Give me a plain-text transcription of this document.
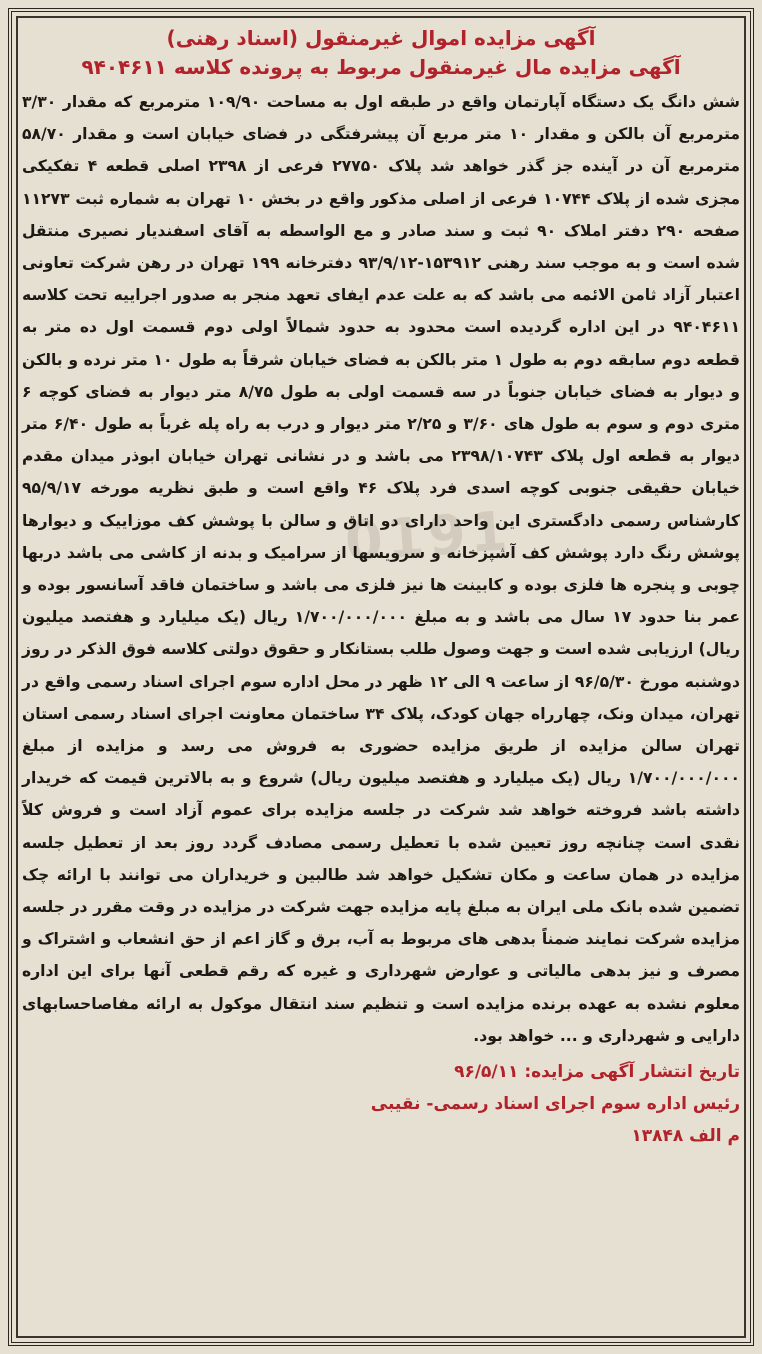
0191

آگهی مزایده اموال غیرمنقول (اسناد رهنی)

آگهی مزایده مال غیرمنقول مربوط به پرونده کلاسه ۹۴۰۴۶۱۱

شش دانگ یک دستگاه آپارتمان واقع در طبقه اول به مساحت ۱۰۹/۹۰ مترمربع که مقدار ۳/۳۰ مترمربع آن بالکن و مقدار ۱۰ متر مربع آن پیشرفتگی در فضای خیابان است و مقدار ۵۸/۷۰ مترمربع آن در آینده جز گذر خواهد شد پلاک ۲۷۷۵۰ فرعی از ۲۳۹۸ اصلی قطعه ۴ تفکیکی مجزی شده از پلاک ۱۰۷۴۴ فرعی از اصلی مذکور واقع در بخش ۱۰ تهران به شماره ثبت ۱۱۲۷۳ صفحه ۲۹۰ دفتر املاک ۹۰ ثبت و سند صادر و مع الواسطه به آقای اسفندیار نصیری منتقل شده است و به موجب سند رهنی ۱۵۳۹۱۲-۹۳/۹/۱۲ دفترخانه ۱۹۹ تهران در رهن شرکت تعاونی اعتبار آزاد ثامن الائمه می باشد که به علت عدم ایفای تعهد منجر به صدور اجراییه تحت کلاسه ۹۴۰۴۶۱۱ در این اداره گردیده است محدود به حدود شمالاً اولی دوم قسمت اول ده متر به قطعه دوم سابقه دوم به طول ۱ متر بالکن به فضای خیابان شرقاً به طول ۱۰ متر نرده و بالکن و دیوار به فضای خیابان جنوباً در سه قسمت اولی به طول ۸/۷۵ متر دیوار به فضای کوچه ۶ متری دوم و سوم به طول های ۳/۶۰ و ۲/۲۵ متر دیوار و درب به راه پله غرباً به طول ۶/۴۰ متر دیوار به قطعه اول پلاک ۲۳۹۸/۱۰۷۴۳ می باشد و در نشانی تهران خیابان ابوذر میدان مقدم خیابان حقیقی جنوبی کوچه اسدی فرد پلاک ۴۶ واقع است و طبق نظریه مورخه ۹۵/۹/۱۷ کارشناس رسمی دادگستری این واحد دارای دو اتاق و سالن با پوشش کف موزاییک و دیوارها پوشش رنگ دارد پوشش کف آشپزخانه و سرویسها از سرامیک و بدنه از کاشی می باشد دربها چوبی و پنجره ها فلزی بوده و کابینت ها نیز فلزی می باشد و ساختمان فاقد آسانسور بوده و عمر بنا حدود ۱۷ سال می باشد و به مبلغ ۱/۷۰۰/۰۰۰/۰۰۰ ریال (یک میلیارد و هفتصد میلیون ریال) ارزیابی شده است و جهت وصول طلب بستانکار و حقوق دولتی کلاسه فوق الذکر در روز دوشنبه مورخ ۹۶/۵/۳۰ از ساعت ۹ الی ۱۲ ظهر در محل اداره سوم اجرای اسناد رسمی واقع در تهران، میدان ونک، چهارراه جهان کودک، پلاک ۳۴ ساختمان معاونت اجرای اسناد رسمی استان تهران سالن مزایده از طریق مزایده حضوری به فروش می رسد و مزایده از مبلغ ۱/۷۰۰/۰۰۰/۰۰۰ ریال (یک میلیارد و هفتصد میلیون ریال) شروع و به بالاترین قیمت که خریدار داشته باشد فروخته خواهد شد شرکت در جلسه مزایده برای عموم آزاد است و فروش کلاً نقدی است چنانچه روز تعیین شده با تعطیل رسمی مصادف گردد روز بعد از تعطیل جلسه مزایده در همان ساعت و مکان تشکیل خواهد شد طالبین و خریداران می توانند با ارائه چک تضمین شده بانک ملی ایران به مبلغ پایه مزایده جهت شرکت در مزایده در وقت مقرر در جلسه مزایده شرکت نمایند ضمناً بدهی های مربوط به آب، برق و گاز اعم از حق انشعاب و اشتراک و مصرف و نیز بدهی مالیاتی و عوارض شهرداری و غیره که رقم قطعی آنها برای این اداره معلوم نشده به عهده برنده مزایده است و تنظیم سند انتقال موکول به ارائه مفاصاحسابهای دارایی و شهرداری و ... خواهد بود.

تاریخ انتشار آگهی مزایده: ۹۶/۵/۱۱

رئیس اداره سوم اجرای اسناد رسمی- نقیبی

م الف ۱۳۸۴۸
